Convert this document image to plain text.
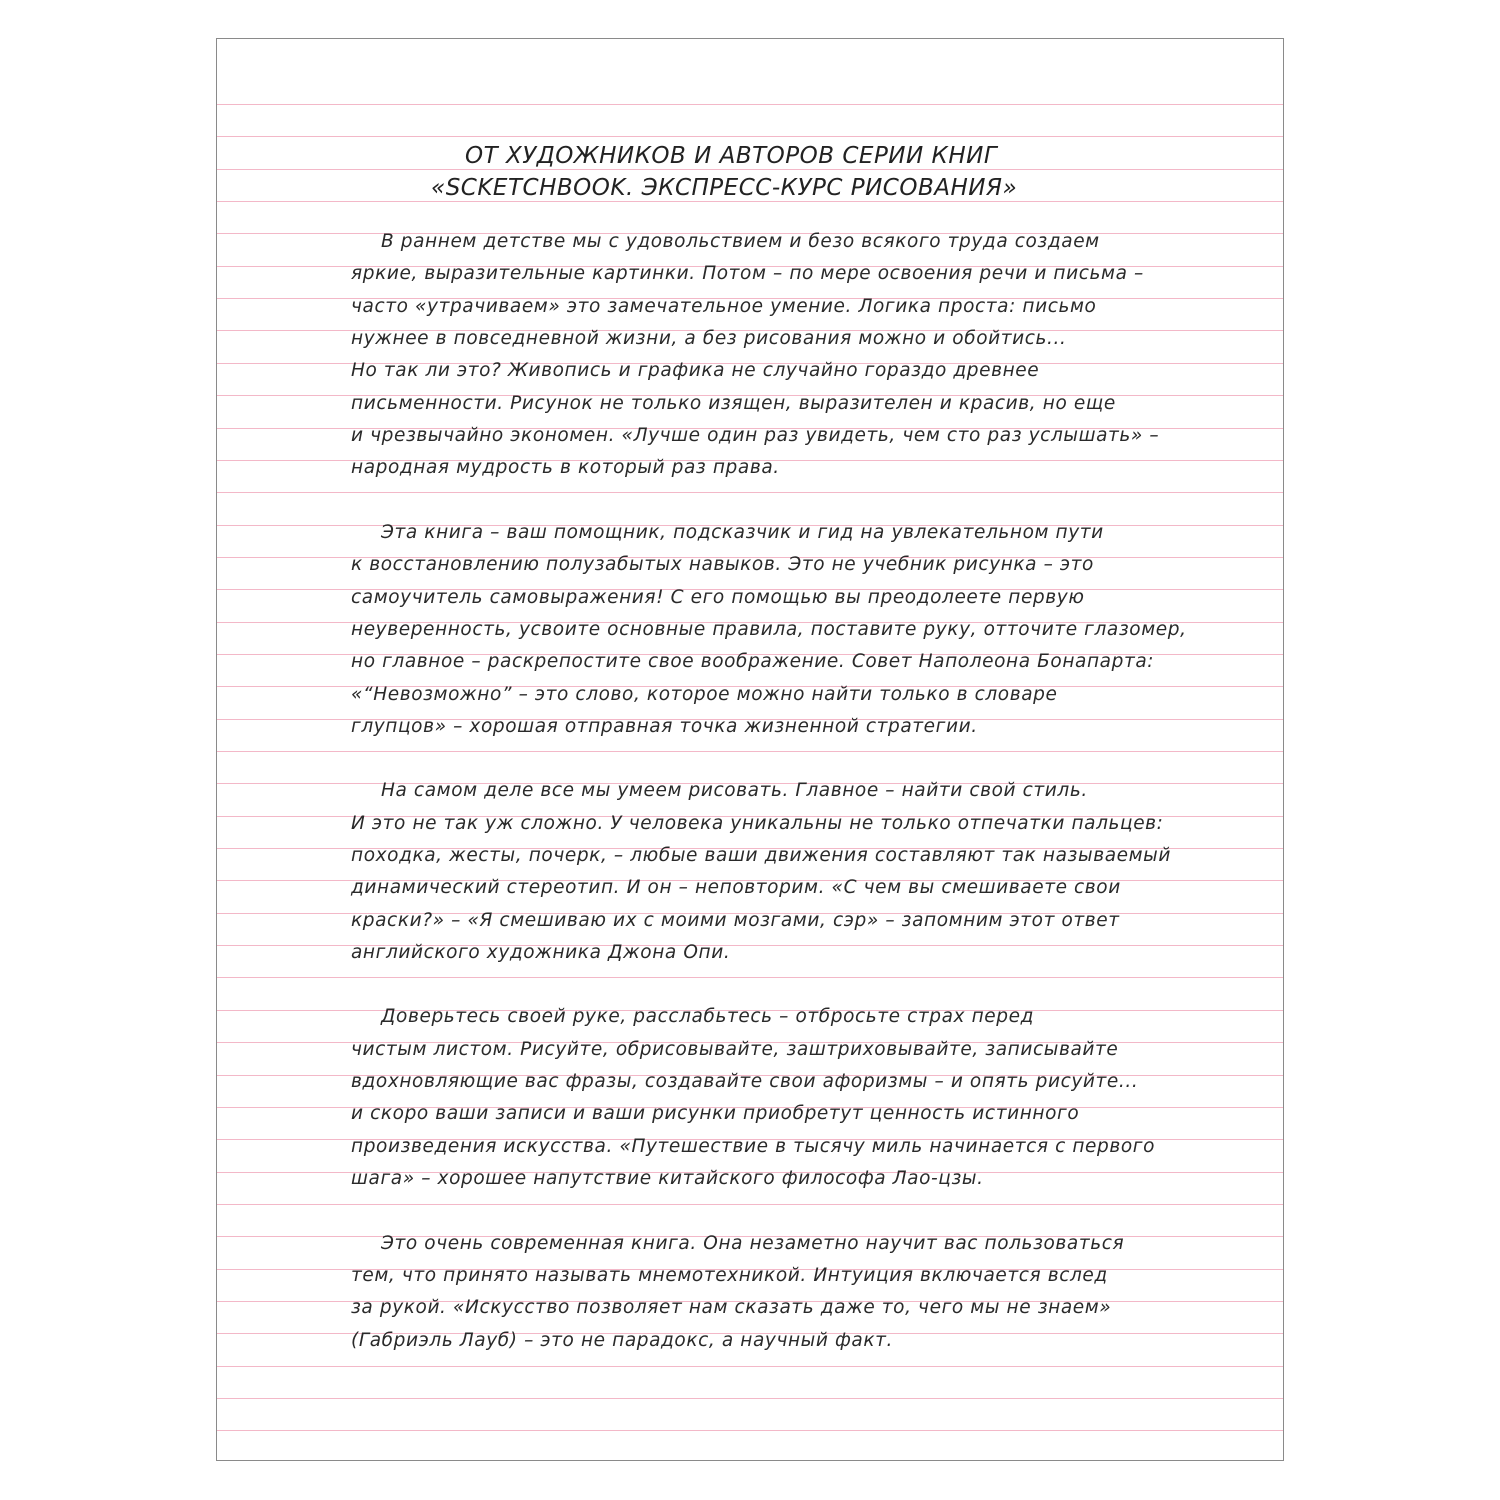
ОТ ХУДОЖНИКОВ И АВТОРОВ СЕРИИ КНИГ
«SCKETCHBOOK. ЭКСПРЕСС-КУРС РИСОВАНИЯ»
В раннем детстве мы с удовольствием и безо всякого труда создаем
яркие, выразительные картинки. Потом – по мере освоения речи и письма –
часто «утрачиваем» это замечательное умение. Логика проста: письмо
нужнее в повседневной жизни, а без рисования можно и обойтись...
Но так ли это? Живопись и графика не случайно гораздо древнее
письменности. Рисунок не только изящен, выразителен и красив, но еще
и чрезвычайно экономен. «Лучше один раз увидеть, чем сто раз услышать» –
народная мудрость в который раз права.
Эта книга – ваш помощник, подсказчик и гид на увлекательном пути
к восстановлению полузабытых навыков. Это не учебник рисунка – это
самоучитель самовыражения! С его помощью вы преодолеете первую
неуверенность, усвоите основные правила, поставите руку, отточите глазомер,
но главное – раскрепостите свое воображение. Совет Наполеона Бонапарта:
«“Невозможно” – это слово, которое можно найти только в словаре
глупцов» – хорошая отправная точка жизненной стратегии.
На самом деле все мы умеем рисовать. Главное – найти свой стиль.
И это не так уж сложно. У человека уникальны не только отпечатки пальцев:
походка, жесты, почерк, – любые ваши движения составляют так называемый
динамический стереотип. И он – неповторим. «С чем вы смешиваете свои
краски?» – «Я смешиваю их с моими мозгами, сэр» – запомним этот ответ
английского художника Джона Опи.
Доверьтесь своей руке, расслабьтесь – отбросьте страх перед
чистым листом. Рисуйте, обрисовывайте, заштриховывайте, записывайте
вдохновляющие вас фразы, создавайте свои афоризмы – и опять рисуйте...
и скоро ваши записи и ваши рисунки приобретут ценность истинного
произведения искусства. «Путешествие в тысячу миль начинается с первого
шага» – хорошее напутствие китайского философа Лао-цзы.
Это очень современная книга. Она незаметно научит вас пользоваться
тем, что принято называть мнемотехникой. Интуиция включается вслед
за рукой. «Искусство позволяет нам сказать даже то, чего мы не знаем»
(Габриэль Лауб) – это не парадокс, а научный факт.
